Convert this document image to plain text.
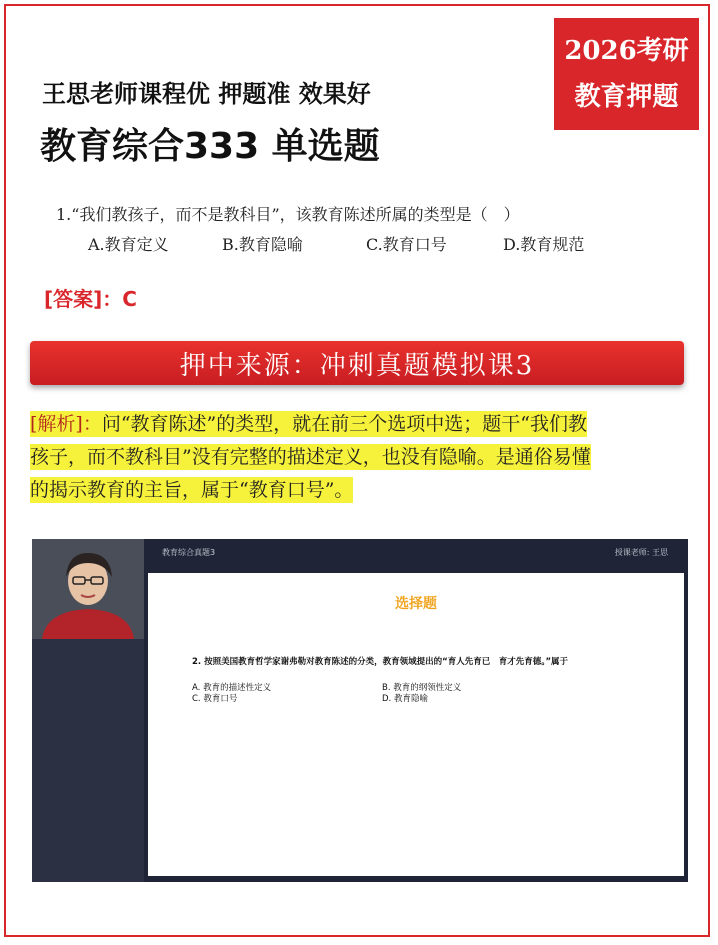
2026考研
教育押题
王思老师课程优 押题准 效果好
教育综合333 单选题
1.“我们教孩子，而不是教科目”，该教育陈述所属的类型是（　）
A.教育定义	B.教育隐喻	C.教育口号	D.教育规范
[答案]：C
押中来源：冲刺真题模拟课3
[解析]：问“教育陈述”的类型，就在前三个选项中选；题干“我们教
孩子，而不教科目”没有完整的描述定义，也没有隐喻。是通俗易懂
的揭示教育的主旨，属于“教育口号”。
教育综合真题3	授课老师: 王思
选择题
2. 按照美国教育哲学家谢弗勒对教育陈述的分类，教育领域提出的“育人先育已　育才先育德。”属于
A. 教育的描述性定义	B. 教育的纲领性定义
C. 教育口号	D. 教育隐喻
